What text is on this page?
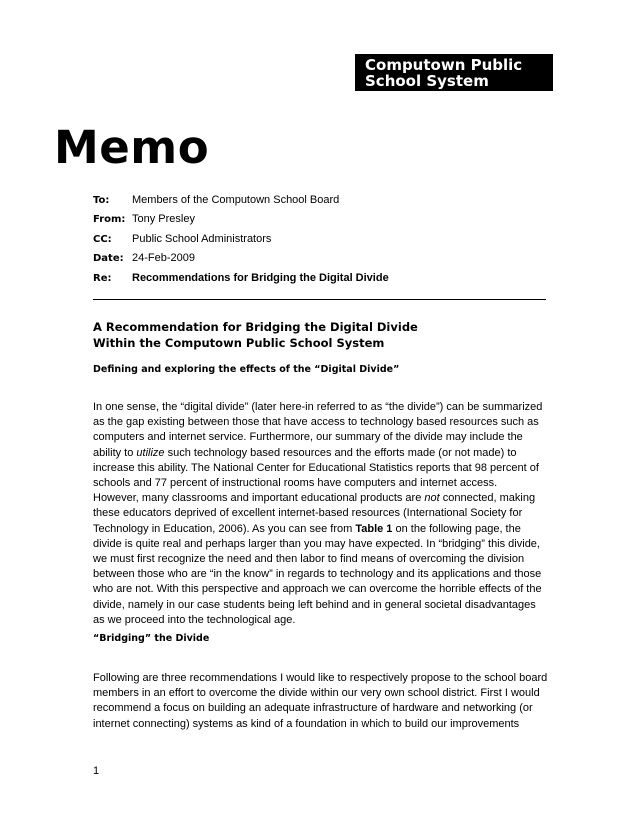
Computown Public
School System
Memo
To: Members of the Computown School Board
From: Tony Presley
CC: Public School Administrators
Date: 24-Feb-2009
Re: Recommendations for Bridging the Digital Divide
A Recommendation for Bridging the Digital Divide
Within the Computown Public School System
Defining and exploring the effects of the “Digital Divide”
In one sense, the “digital divide” (later here-in referred to as “the divide”) can be summarized
as the gap existing between those that have access to technology based resources such as
computers and internet service. Furthermore, our summary of the divide may include the
ability to utilize such technology based resources and the efforts made (or not made) to
increase this ability. The National Center for Educational Statistics reports that 98 percent of
schools and 77 percent of instructional rooms have computers and internet access.
However, many classrooms and important educational products are not connected, making
these educators deprived of excellent internet-based resources (International Society for
Technology in Education, 2006). As you can see from Table 1 on the following page, the
divide is quite real and perhaps larger than you may have expected. In “bridging” this divide,
we must first recognize the need and then labor to find means of overcoming the division
between those who are “in the know” in regards to technology and its applications and those
who are not. With this perspective and approach we can overcome the horrible effects of the
divide, namely in our case students being left behind and in general societal disadvantages
as we proceed into the technological age.
“Bridging” the Divide
Following are three recommendations I would like to respectively propose to the school board
members in an effort to overcome the divide within our very own school district. First I would
recommend a focus on building an adequate infrastructure of hardware and networking (or
internet connecting) systems as kind of a foundation in which to build our improvements
1
